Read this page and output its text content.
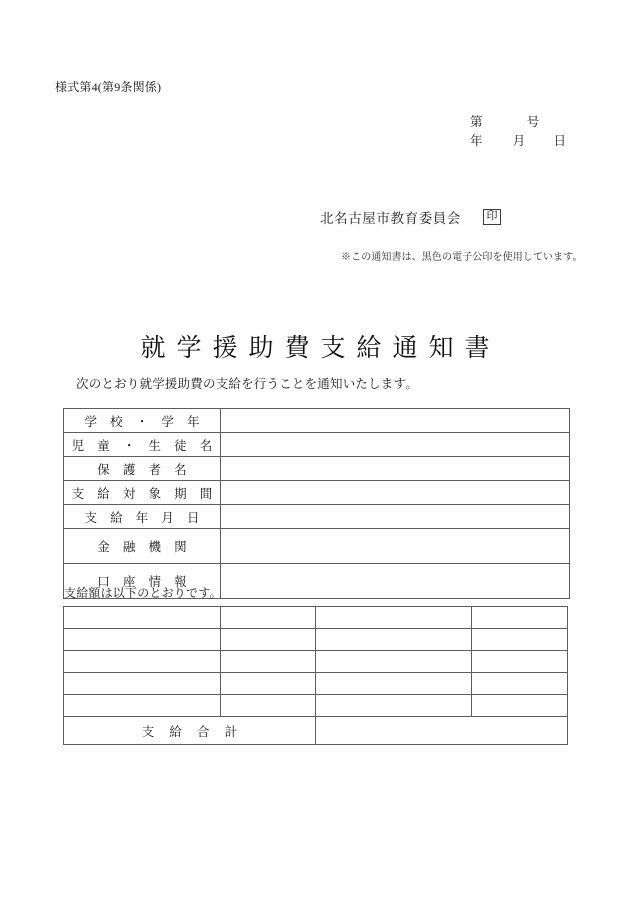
様式第4(第9条関係)
第	号
年 月 日
北名古屋市教育委員会	印
※この通知書は、黒色の電子公印を使用しています。
就学援助費支給通知書
次のとおり就学援助費の支給を行うことを通知いたします。
学 校 ・ 学 年	
児 童 ・ 生 徒 名	
保 護 者 名	
支 給 対 象 期 間	
支 給 年 月 日	
金 融 機 関	
口 座 情 報	
支給額は以下のとおりです。

支 給 合 計			
